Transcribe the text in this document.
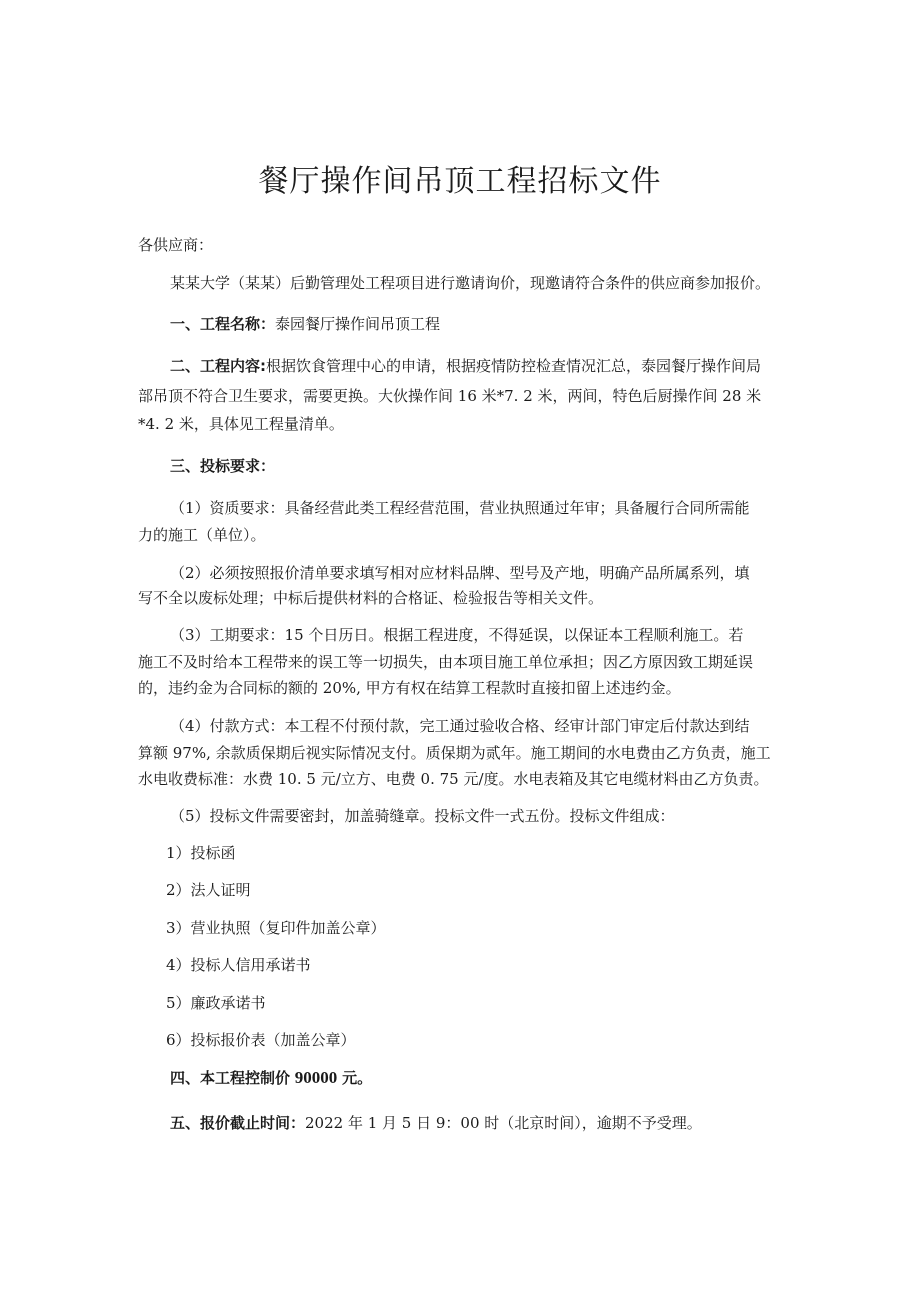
餐厅操作间吊顶工程招标文件
各供应商：
某某大学（某某）后勤管理处工程项目进行邀请询价，现邀请符合条件的供应商参加报价。
一、工程名称：泰园餐厅操作间吊顶工程
二、工程内容:根据饮食管理中心的申请，根据疫情防控检查情况汇总，泰园餐厅操作间局
部吊顶不符合卫生要求，需要更换。大伙操作间 16 米*7. 2 米，两间，特色后厨操作间 28 米
*4. 2 米，具体见工程量清单。
三、投标要求：
（1）资质要求：具备经营此类工程经营范围，营业执照通过年审；具备履行合同所需能
力的施工（单位）。
（2）必须按照报价清单要求填写相对应材料品牌、型号及产地，明确产品所属系列，填
写不全以废标处理；中标后提供材料的合格证、检验报告等相关文件。
（3）工期要求：15 个日历日。根据工程进度，不得延误，以保证本工程顺利施工。若
施工不及时给本工程带来的误工等一切损失，由本项目施工单位承担；因乙方原因致工期延误
的，违约金为合同标的额的 20%, 甲方有权在结算工程款时直接扣留上述违约金。
（4）付款方式：本工程不付预付款，完工通过验收合格、经审计部门审定后付款达到结
算额 97%, 余款质保期后视实际情况支付。质保期为贰年。施工期间的水电费由乙方负责，施工
水电收费标准：水费 10. 5 元/立方、电费 0. 75 元/度。水电表箱及其它电缆材料由乙方负责。
（5）投标文件需要密封，加盖骑缝章。投标文件一式五份。投标文件组成：
1）投标函
2）法人证明
3）营业执照（复印件加盖公章）
4）投标人信用承诺书
5）廉政承诺书
6）投标报价表（加盖公章）
四、本工程控制价 90000 元。
五、报价截止时间：2022 年 1 月 5 日 9：00 时（北京时间），逾期不予受理。
